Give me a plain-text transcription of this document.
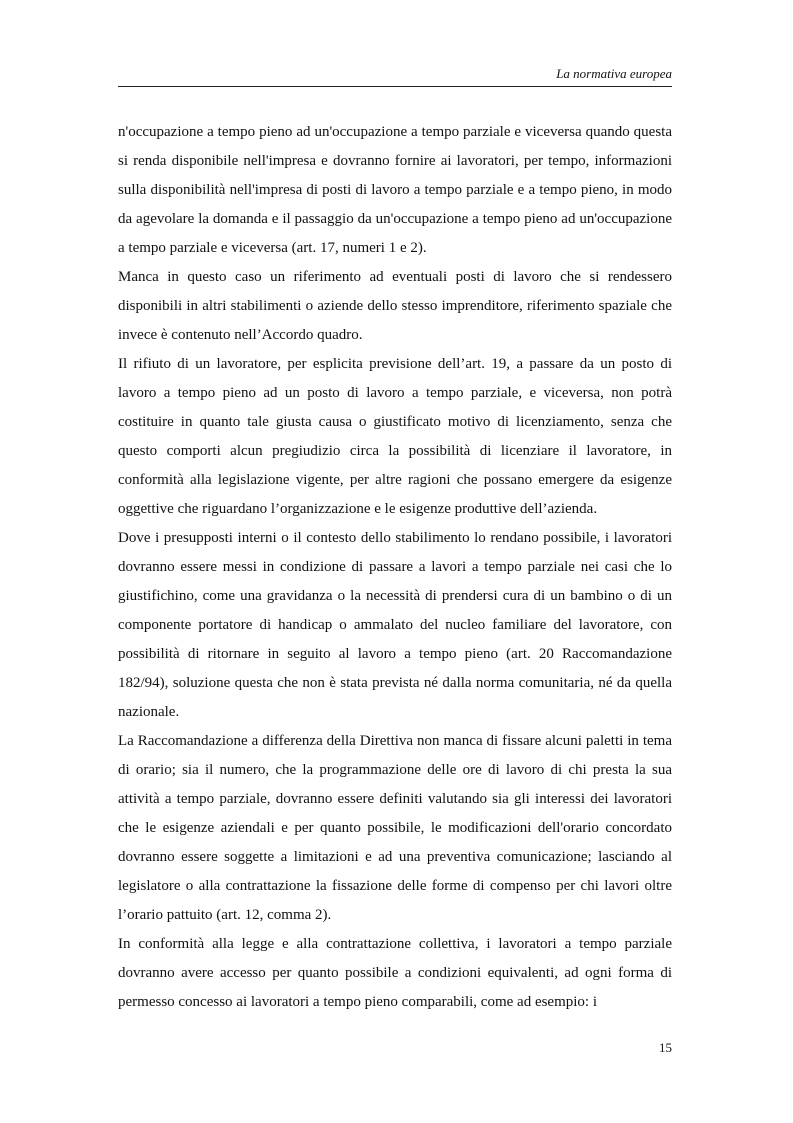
La normativa europea

n'occupazione a tempo pieno ad un'occupazione a tempo parziale e viceversa quando questa si renda disponibile nell'impresa e dovranno fornire ai lavoratori, per tempo, informazioni sulla disponibilità nell'impresa di posti di lavoro a tempo parziale e a tempo pieno, in modo da agevolare la domanda e il passaggio da un'occupazione a tempo pieno ad un'occupazione a tempo parziale e viceversa (art. 17, numeri 1 e 2).

Manca in questo caso un riferimento ad eventuali posti di lavoro che si rendessero disponibili in altri stabilimenti o aziende dello stesso imprenditore, riferimento spaziale che invece è contenuto nell’Accordo quadro.

Il rifiuto di un lavoratore, per esplicita previsione dell’art. 19, a passare da un posto di lavoro a tempo pieno ad un posto di lavoro a tempo parziale, e viceversa, non potrà costituire in quanto tale giusta causa o giustificato motivo di licenziamento, senza che questo comporti alcun pregiudizio circa la possibilità di licenziare il lavoratore, in conformità alla legislazione vigente, per altre ragioni che possano emergere da esigenze oggettive che riguardano l’organizzazione e le esigenze produttive dell’azienda.

Dove i presupposti interni o il contesto dello stabilimento lo rendano possibile, i lavoratori dovranno essere messi in condizione di passare a lavori a tempo parziale nei casi che lo giustifichino, come una gravidanza o la necessità di prendersi cura di un bambino o di un componente portatore di handicap o ammalato del nucleo familiare del lavoratore, con possibilità di ritornare in seguito al lavoro a tempo pieno (art. 20 Raccomandazione 182/94), soluzione questa che non è stata prevista né dalla norma comunitaria, né da quella nazionale.

La Raccomandazione a differenza della Direttiva non manca di fissare alcuni paletti in tema di orario; sia il numero, che la programmazione delle ore di lavoro di chi presta la sua attività a tempo parziale, dovranno essere definiti valutando sia gli interessi dei lavoratori che le esigenze aziendali e per quanto possibile, le modificazioni dell'orario concordato dovranno essere soggette a limitazioni e ad una preventiva comunicazione; lasciando al legislatore o alla contrattazione la fissazione delle forme di compenso per chi lavori oltre l’orario pattuito (art. 12, comma 2).

In conformità alla legge e alla contrattazione collettiva, i lavoratori a tempo parziale dovranno avere accesso per quanto possibile a condizioni equivalenti, ad ogni forma di permesso concesso ai lavoratori a tempo pieno comparabili, come ad esempio: i

15
